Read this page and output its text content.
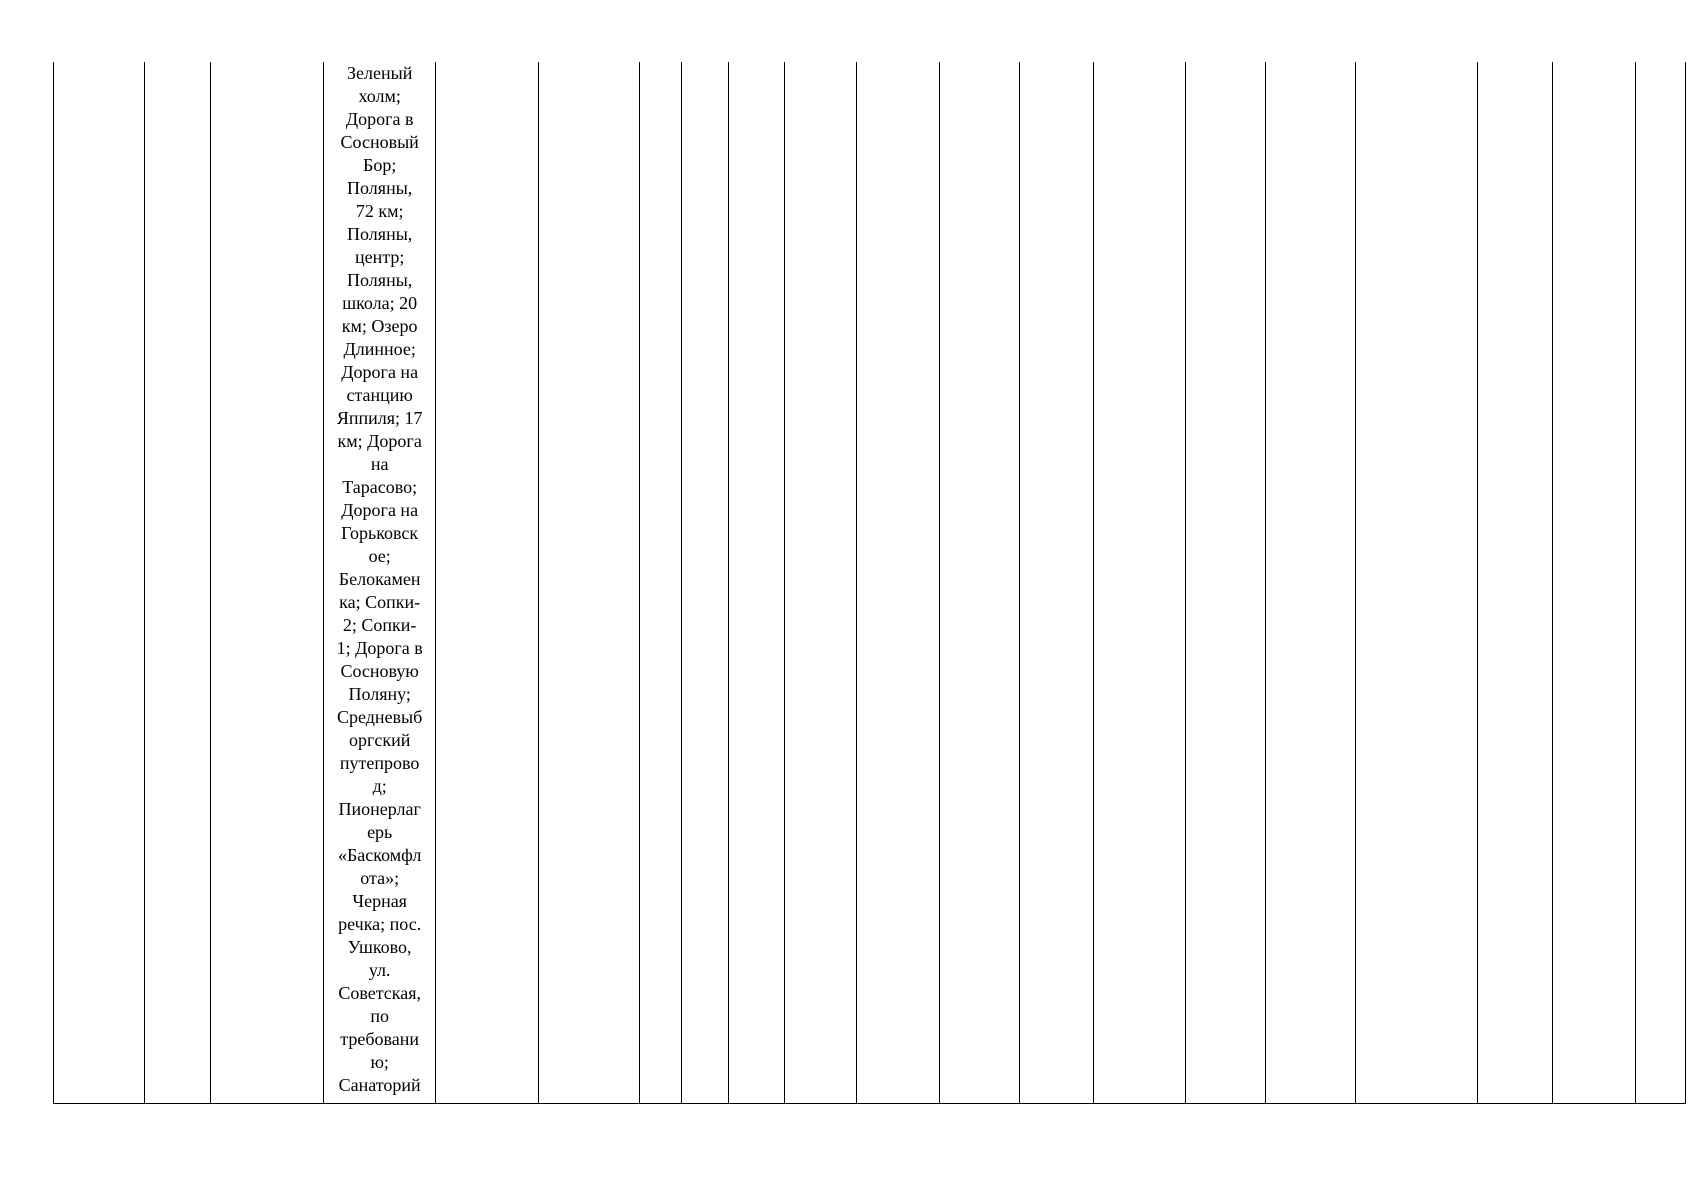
Зеленый
холм;
Дорога в
Сосновый
Бор;
Поляны,
72 км;
Поляны,
центр;
Поляны,
школа; 20
км; Озеро
Длинное;
Дорога на
станцию
Яппиля; 17
км; Дорога
на
Тарасово;
Дорога на
Горьковск
ое;
Белокамен
ка; Сопки-
2; Сопки-
1; Дорога в
Сосновую
Поляну;
Средневыб
оргский
путепрово
д;
Пионерлаг
ерь
«Баскомфл
ота»;
Черная
речка; пос.
Ушково,
ул.
Советская,
по
требовани
ю;
Санаторий
